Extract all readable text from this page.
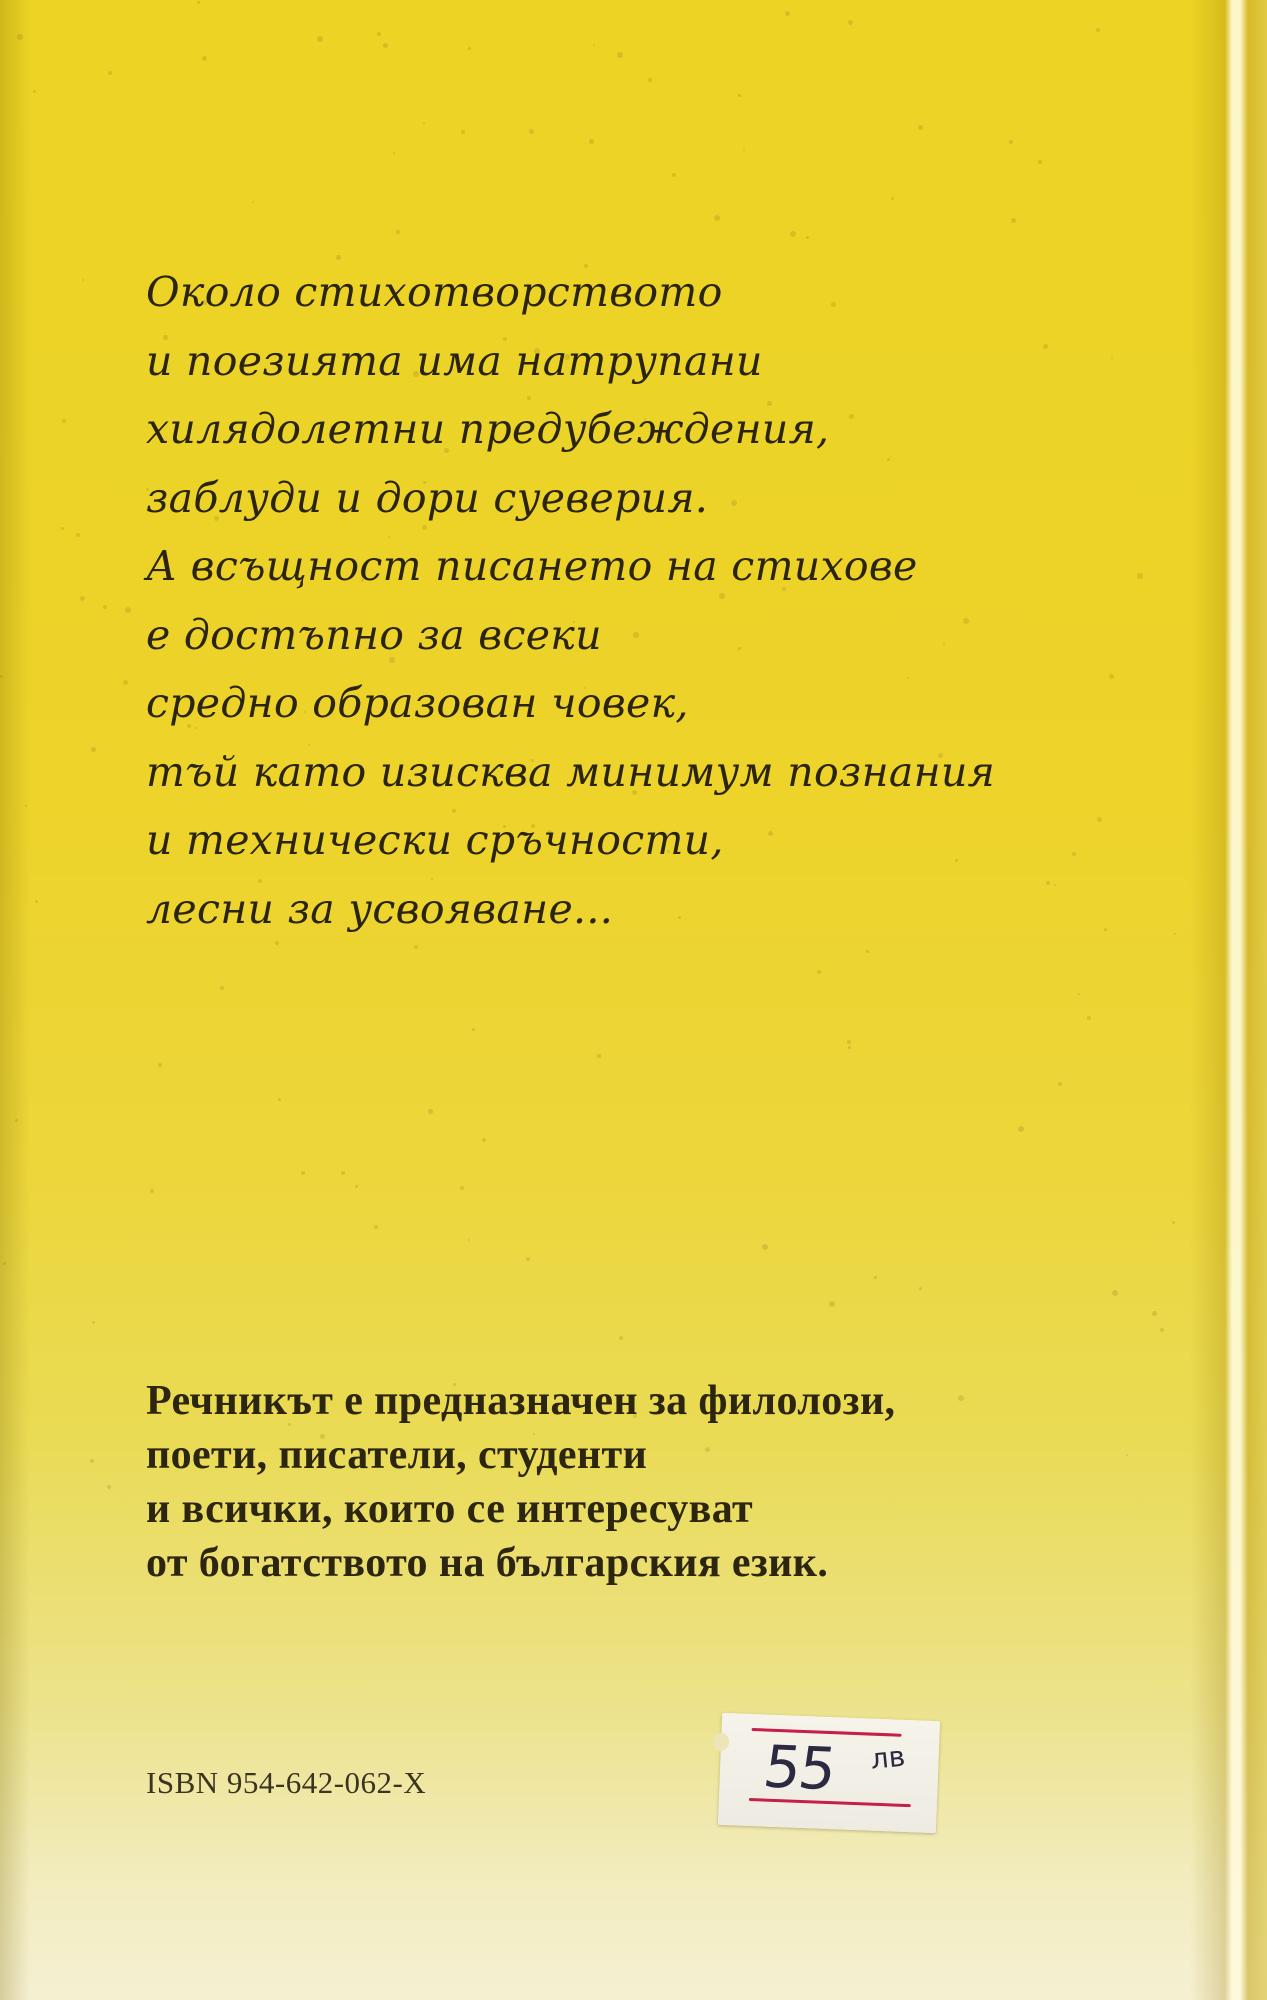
Около стихотворството
и поезията има натрупани
хилядолетни предубеждения,
заблуди и дори суеверия.
А всъщност писането на стихове
е достъпно за всеки
средно образован човек,
тъй като изисква минимум познания
и технически сръчности,
лесни за усвояване...
Речникът е предназначен за филолози,
поети, писатели, студенти
и всички, които се интересуват
от богатството на българския език.
ISBN 954-642-062-X	55 лв
